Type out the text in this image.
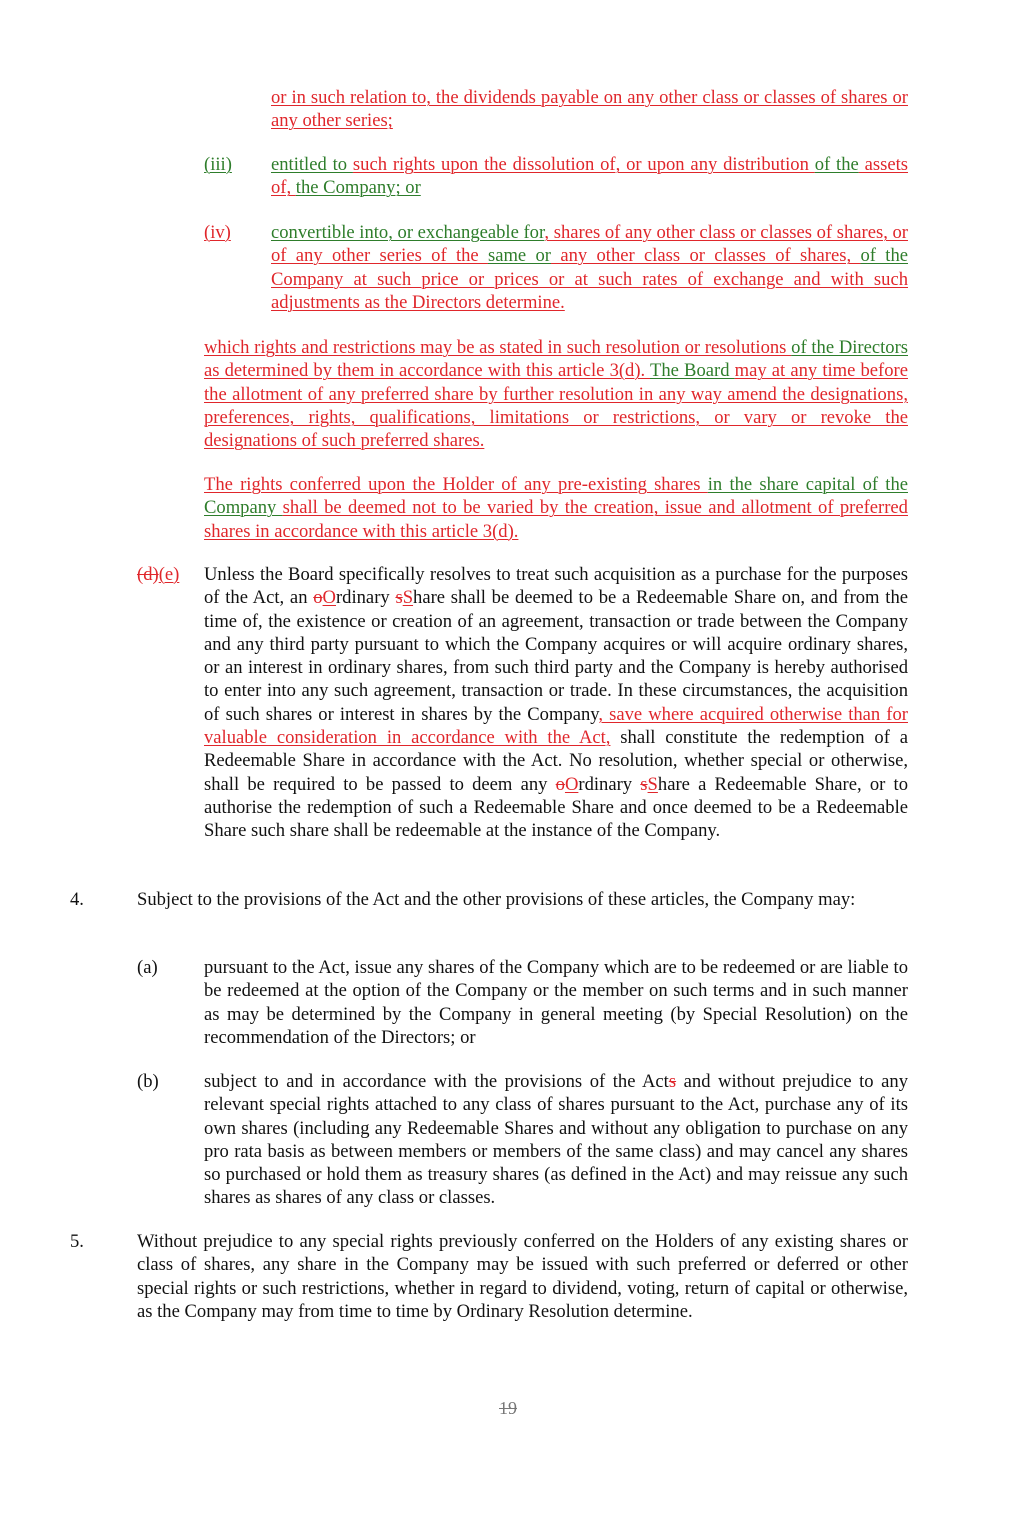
or in such relation to, the dividends payable on any other class or classes of shares or any other series;

(iii) entitled to such rights upon the dissolution of, or upon any distribution of the assets of, the Company; or

(iv) convertible into, or exchangeable for, shares of any other class or classes of shares, or of any other series of the same or any other class or classes of shares, of the Company at such price or prices or at such rates of exchange and with such adjustments as the Directors determine.

which rights and restrictions may be as stated in such resolution or resolutions of the Directors as determined by them in accordance with this article 3(d). The Board may at any time before the allotment of any preferred share by further resolution in any way amend the designations, preferences, rights, qualifications, limitations or restrictions, or vary or revoke the designations of such preferred shares.

The rights conferred upon the Holder of any pre-existing shares in the share capital of the Company shall be deemed not to be varied by the creation, issue and allotment of preferred shares in accordance with this article 3(d).

(d)(e) Unless the Board specifically resolves to treat such acquisition as a purchase for the purposes of the Act, an oOrdinary sShare shall be deemed to be a Redeemable Share on, and from the time of, the existence or creation of an agreement, transaction or trade between the Company and any third party pursuant to which the Company acquires or will acquire ordinary shares, or an interest in ordinary shares, from such third party and the Company is hereby authorised to enter into any such agreement, transaction or trade. In these circumstances, the acquisition of such shares or interest in shares by the Company, save where acquired otherwise than for valuable consideration in accordance with the Act, shall constitute the redemption of a Redeemable Share in accordance with the Act. No resolution, whether special or otherwise, shall be required to be passed to deem any oOrdinary sShare a Redeemable Share, or to authorise the redemption of such a Redeemable Share and once deemed to be a Redeemable Share such share shall be redeemable at the instance of the Company.

4.	Subject to the provisions of the Act and the other provisions of these articles, the Company may:

(a) pursuant to the Act, issue any shares of the Company which are to be redeemed or are liable to be redeemed at the option of the Company or the member on such terms and in such manner as may be determined by the Company in general meeting (by Special Resolution) on the recommendation of the Directors; or

(b) subject to and in accordance with the provisions of the Acts and without prejudice to any relevant special rights attached to any class of shares pursuant to the Act, purchase any of its own shares (including any Redeemable Shares and without any obligation to purchase on any pro rata basis as between members or members of the same class) and may cancel any shares so purchased or hold them as treasury shares (as defined in the Act) and may reissue any such shares as shares of any class or classes.

5.	Without prejudice to any special rights previously conferred on the Holders of any existing shares or class of shares, any share in the Company may be issued with such preferred or deferred or other special rights or such restrictions, whether in regard to dividend, voting, return of capital or otherwise, as the Company may from time to time by Ordinary Resolution determine.

19
